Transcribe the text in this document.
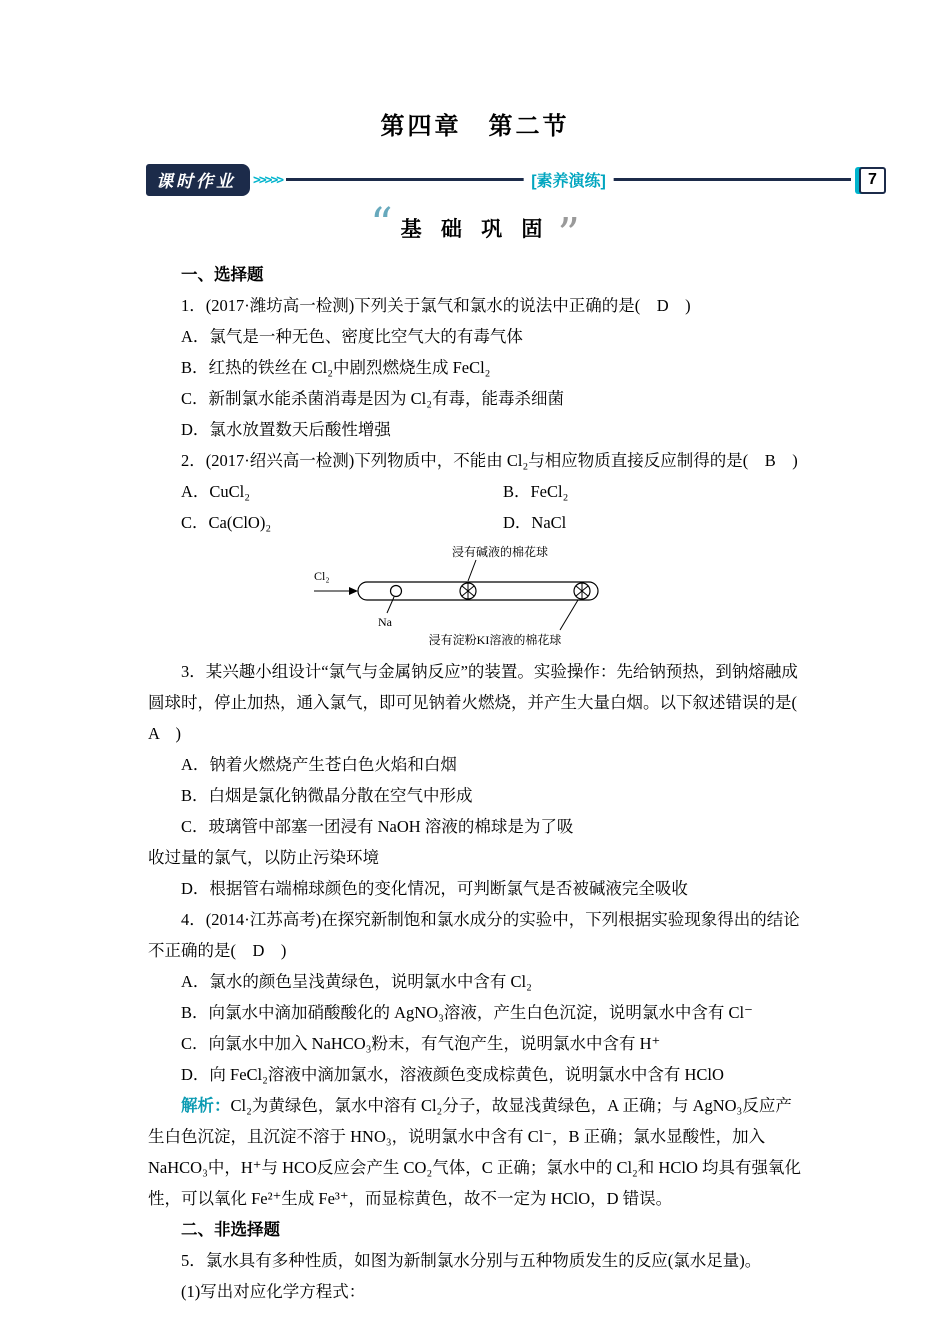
第四章　第二节
课时作业	>>>>>	[素养演练]	7
“ 基 础 巩 固 ”

一、选择题

1．(2017·潍坊高一检测)下列关于氯气和氯水的说法中正确的是(　D　)

A．氯气是一种无色、密度比空气大的有毒气体

B．红热的铁丝在 Cl₂中剧烈燃烧生成 FeCl₂

C．新制氯水能杀菌消毒是因为 Cl₂有毒，能毒杀细菌

D．氯水放置数天后酸性增强

2．(2017·绍兴高一检测)下列物质中，不能由 Cl₂与相应物质直接反应制得的是(　B　)

A．CuCl₂	B．FeCl₂

C．Ca(ClO)₂	D．NaCl

浸有碱液的棉花球
Cl₂
Na
浸有淀粉KI溶液的棉花球

3．某兴趣小组设计“氯气与金属钠反应”的装置。实验操作：先给钠预热，到钠熔融成圆球时，停止加热，通入氯气，即可见钠着火燃烧，并产生大量白烟。以下叙述错误的是(　A　)

A．钠着火燃烧产生苍白色火焰和白烟

B．白烟是氯化钠微晶分散在空气中形成

C．玻璃管中部塞一团浸有 NaOH 溶液的棉球是为了吸

收过量的氯气，以防止污染环境

D．根据管右端棉球颜色的变化情况，可判断氯气是否被碱液完全吸收

4．(2014·江苏高考)在探究新制饱和氯水成分的实验中，下列根据实验现象得出的结论不正确的是(　D　)

A．氯水的颜色呈浅黄绿色，说明氯水中含有 Cl₂

B．向氯水中滴加硝酸酸化的 AgNO₃溶液，产生白色沉淀，说明氯水中含有 Cl⁻

C．向氯水中加入 NaHCO₃粉末，有气泡产生，说明氯水中含有 H⁺

D．向 FeCl₂溶液中滴加氯水，溶液颜色变成棕黄色，说明氯水中含有 HClO

解析：Cl₂为黄绿色，氯水中溶有 Cl₂分子，故显浅黄绿色，A 正确；与 AgNO₃反应产生白色沉淀，且沉淀不溶于 HNO₃，说明氯水中含有 Cl⁻，B 正确；氯水显酸性，加入 NaHCO₃中，H⁺与 HCO反应会产生 CO₂气体，C 正确；氯水中的 Cl₂和 HClO 均具有强氧化性，可以氧化 Fe²⁺生成 Fe³⁺，而显棕黄色，故不一定为 HClO，D 错误。

二、非选择题

5．氯水具有多种性质，如图为新制氯水分别与五种物质发生的反应(氯水足量)。

(1)写出对应化学方程式：
